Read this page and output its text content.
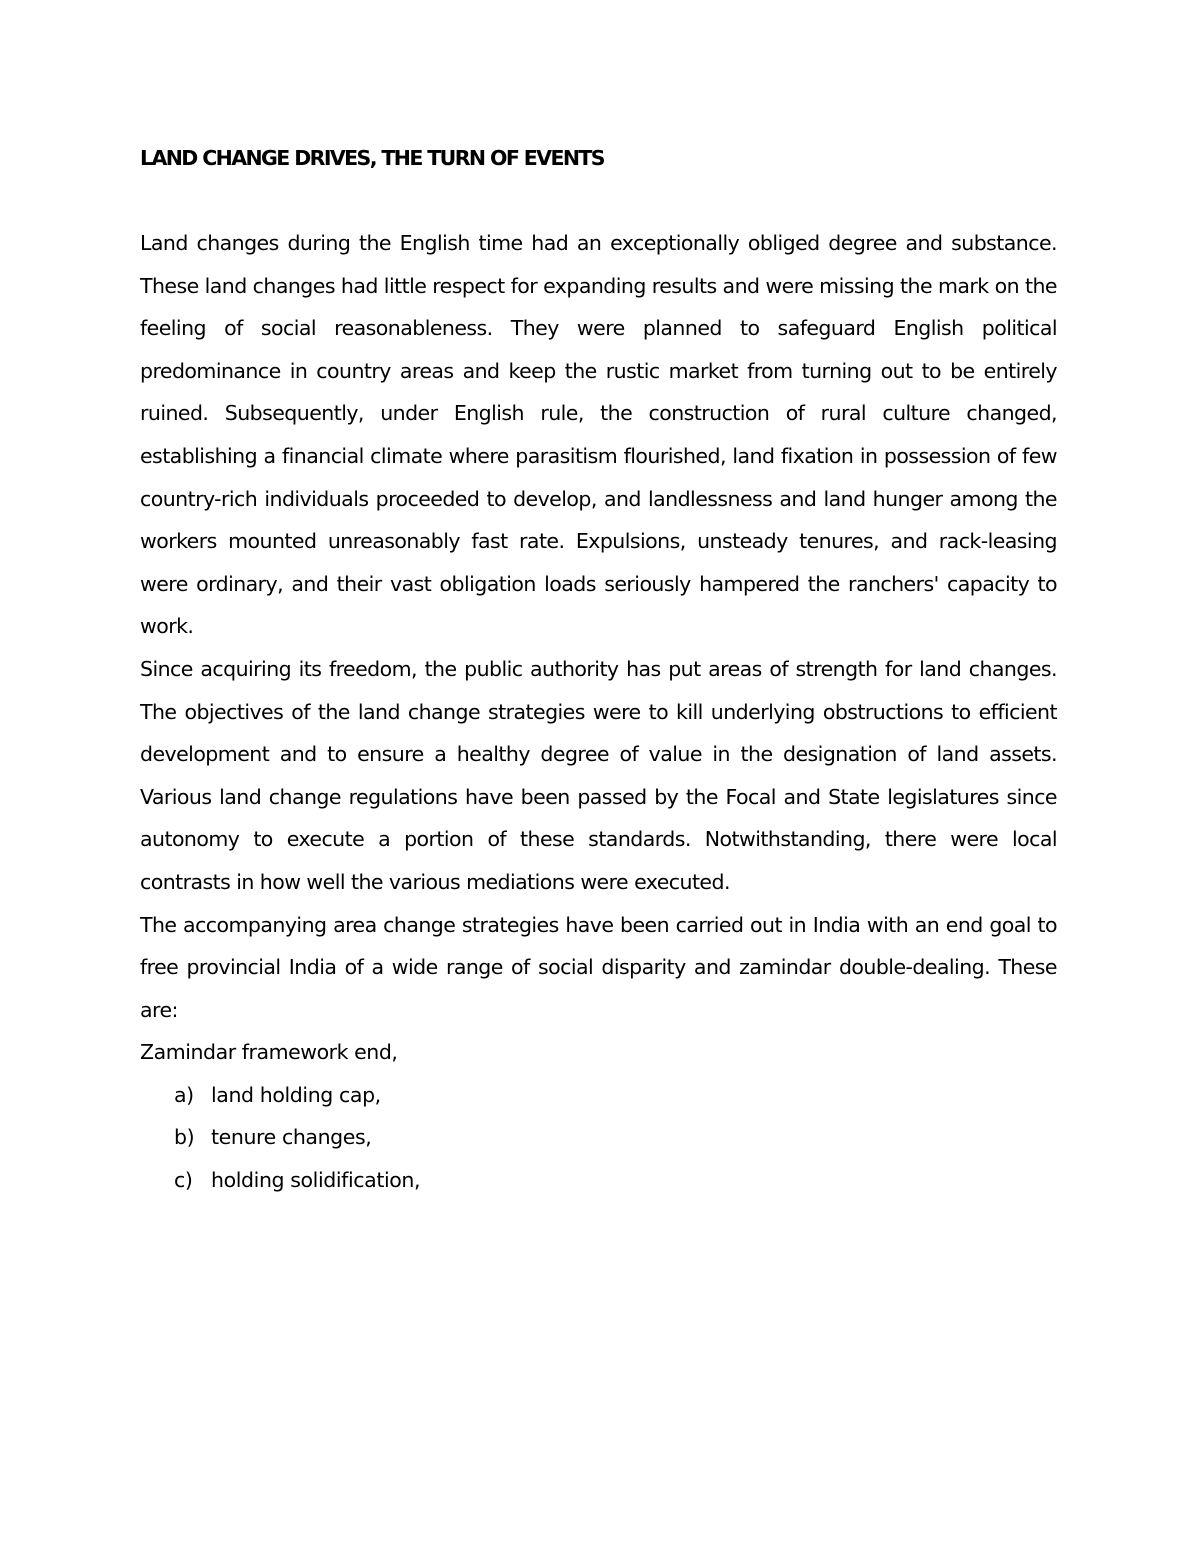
LAND CHANGE DRIVES, THE TURN OF EVENTS

Land changes during the English time had an exceptionally obliged degree and substance. These land changes had little respect for expanding results and were missing the mark on the feeling of social reasonableness. They were planned to safeguard English political predominance in country areas and keep the rustic market from turning out to be entirely ruined. Subsequently, under English rule, the construction of rural culture changed, establishing a financial climate where parasitism flourished, land fixation in possession of few country-rich individuals proceeded to develop, and landlessness and land hunger among the workers mounted unreasonably fast rate. Expulsions, unsteady tenures, and rack-leasing were ordinary, and their vast obligation loads seriously hampered the ranchers' capacity to work.

Since acquiring its freedom, the public authority has put areas of strength for land changes. The objectives of the land change strategies were to kill underlying obstructions to efficient development and to ensure a healthy degree of value in the designation of land assets. Various land change regulations have been passed by the Focal and State legislatures since autonomy to execute a portion of these standards. Notwithstanding, there were local contrasts in how well the various mediations were executed.

The accompanying area change strategies have been carried out in India with an end goal to free provincial India of a wide range of social disparity and zamindar double-dealing. These are:

Zamindar framework end,

a) land holding cap,
b) tenure changes,
c) holding solidification,
